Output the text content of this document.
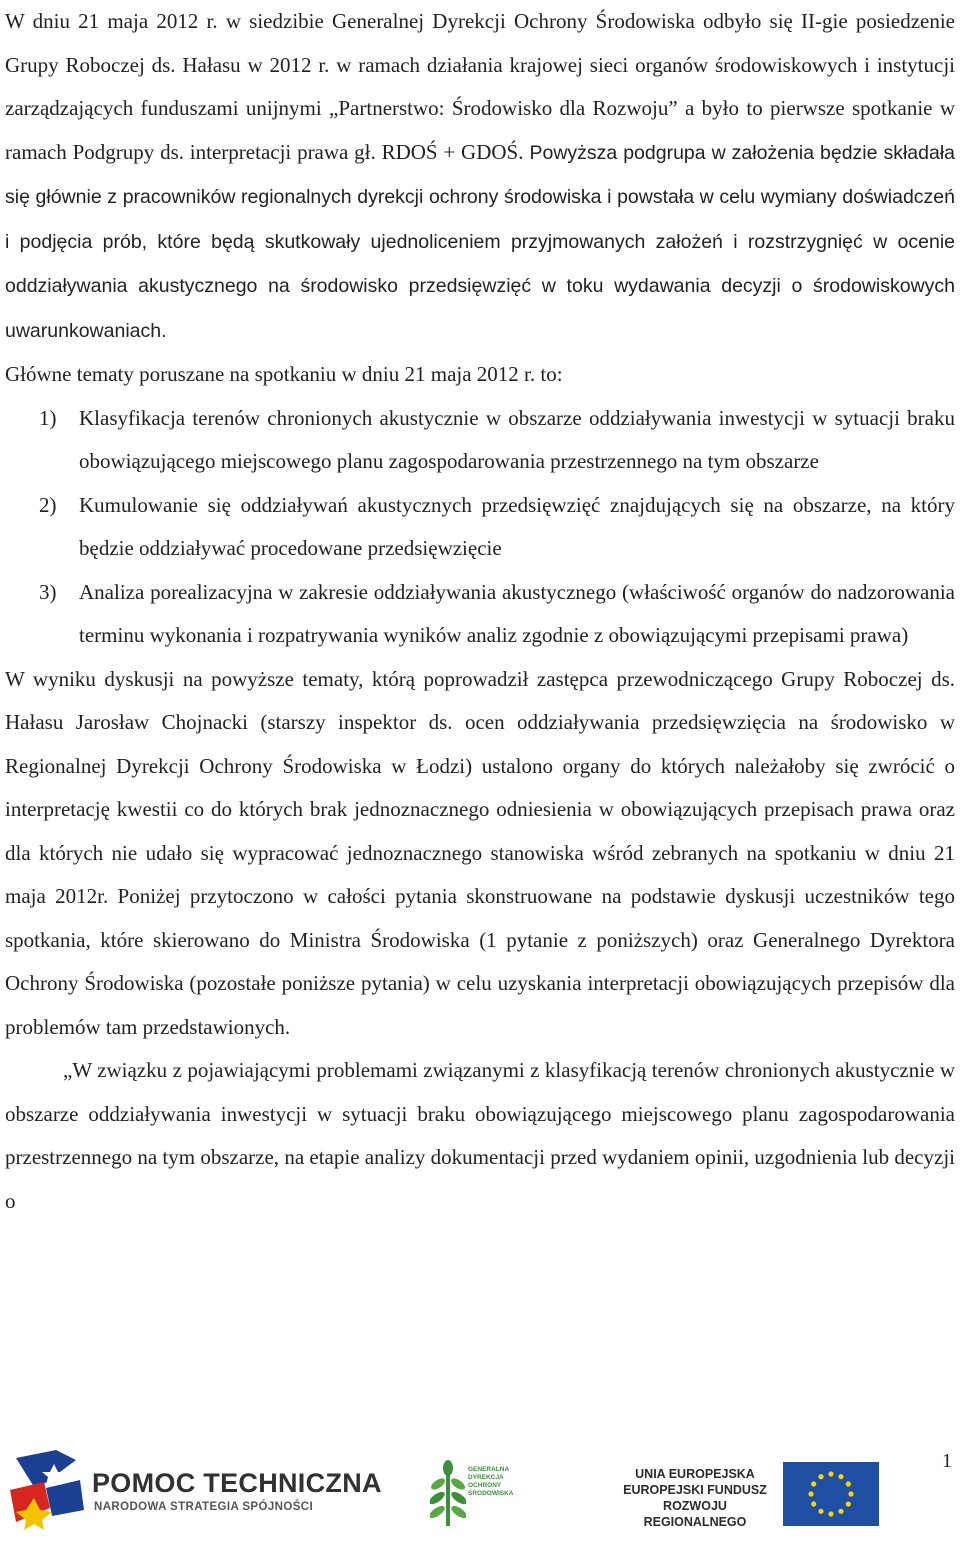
W dniu 21 maja 2012 r. w siedzibie Generalnej Dyrekcji Ochrony Środowiska odbyło się II-gie posiedzenie Grupy Roboczej ds. Hałasu w 2012 r. w ramach działania krajowej sieci organów środowiskowych i instytucji zarządzających funduszami unijnymi „Partnerstwo: Środowisko dla Rozwoju” a było to pierwsze spotkanie w ramach Podgrupy ds. interpretacji prawa gł. RDOŚ + GDOŚ. Powyższa podgrupa w założenia będzie składała się głównie z pracowników regionalnych dyrekcji ochrony środowiska i powstała w celu wymiany doświadczeń i podjęcia prób, które będą skutkowały ujednoliceniem przyjmowanych założeń i rozstrzygnięć w ocenie oddziaływania akustycznego na środowisko przedsięwzięć w toku wydawania decyzji o środowiskowych uwarunkowaniach.

Główne tematy poruszane na spotkaniu w dniu 21 maja 2012 r. to:

1) Klasyfikacja terenów chronionych akustycznie w obszarze oddziaływania inwestycji w sytuacji braku obowiązującego miejscowego planu zagospodarowania przestrzennego na tym obszarze
2) Kumulowanie się oddziaływań akustycznych przedsięwzięć znajdujących się na obszarze, na który będzie oddziaływać procedowane przedsięwzięcie
3) Analiza porealizacyjna w zakresie oddziaływania akustycznego (właściwość organów do nadzorowania terminu wykonania i rozpatrywania wyników analiz zgodnie z obowiązującymi przepisami prawa)

W wyniku dyskusji na powyższe tematy, którą poprowadził zastępca przewodniczącego Grupy Roboczej ds. Hałasu Jarosław Chojnacki (starszy inspektor ds. ocen oddziaływania przedsięwzięcia na środowisko w Regionalnej Dyrekcji Ochrony Środowiska w Łodzi) ustalono organy do których należałoby się zwrócić o interpretację kwestii co do których brak jednoznacznego odniesienia w obowiązujących przepisach prawa oraz dla których nie udało się wypracować jednoznacznego stanowiska wśród zebranych na spotkaniu w dniu 21 maja 2012r. Poniżej przytoczono w całości pytania skonstruowane na podstawie dyskusji uczestników tego spotkania, które skierowano do Ministra Środowiska (1 pytanie z poniższych) oraz Generalnego Dyrektora Ochrony Środowiska (pozostałe poniższe pytania) w celu uzyskania interpretacji obowiązujących przepisów dla problemów tam przedstawionych.

„W związku z pojawiającymi problemami związanymi z klasyfikacją terenów chronionych akustycznie w obszarze oddziaływania inwestycji w sytuacji braku obowiązującego miejscowego planu zagospodarowania przestrzennego na tym obszarze, na etapie analizy dokumentacji przed wydaniem opinii, uzgodnienia lub decyzji o

1
POMOC TECHNICZNA
NARODOWA STRATEGIA SPÓJNOŚCI
GENERALNA
DYREKCJA
OCHRONY
ŚRODOWISKA
UNIA EUROPEJSKA
EUROPEJSKI FUNDUSZ
ROZWOJU REGIONALNEGO
